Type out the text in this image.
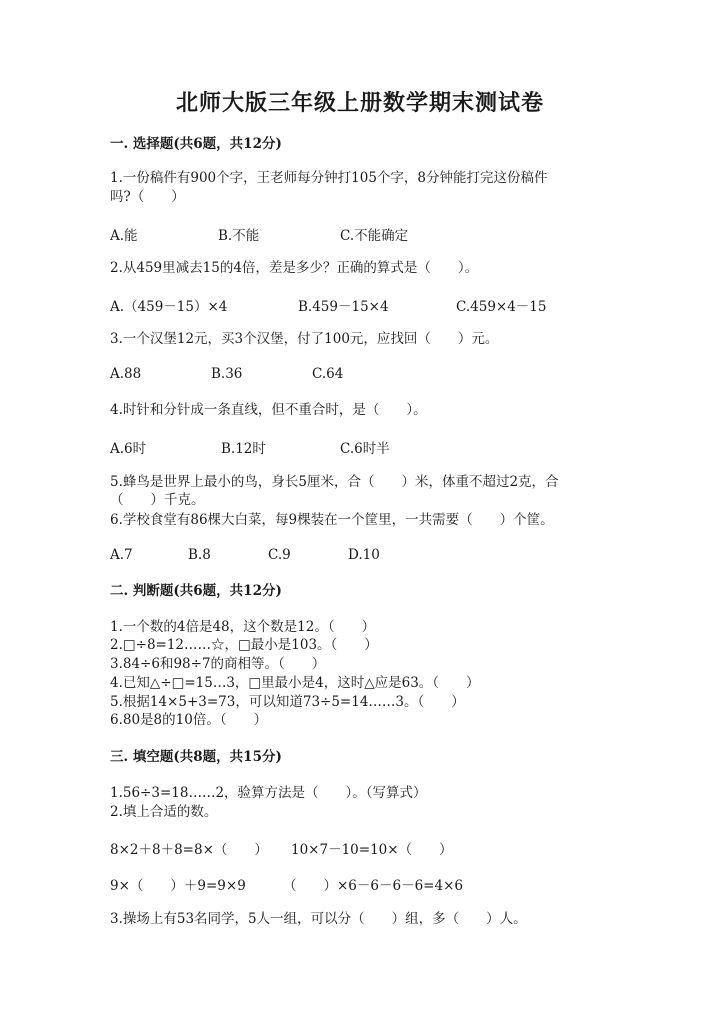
北师大版三年级上册数学期末测试卷
一. 选择题(共6题，共12分)
1.一份稿件有900个字，王老师每分钟打105个字，8分钟能打完这份稿件
吗?（　　）
A.能	B.不能	C.不能确定
2.从459里减去15的4倍，差是多少？正确的算式是（　　）。
A.（459－15）×4	B.459－15×4	C.459×4－15
3.一个汉堡12元，买3个汉堡，付了100元，应找回（　　）元。
A.88	B.36	C.64
4.时针和分针成一条直线，但不重合时，是（　　）。
A.6时	B.12时	C.6时半
5.蜂鸟是世界上最小的鸟，身长5厘米，合（　　）米，体重不超过2克，合
（　　）千克。
6.学校食堂有86棵大白菜，每9棵装在一个筐里，一共需要（　　）个筐。
A.7	B.8	C.9	D.10
二. 判断题(共6题，共12分)
1.一个数的4倍是48，这个数是12。（　　）
2.□÷8=12……☆，□最小是103。（　　）
3.84÷6和98÷7的商相等。（　　）
4.已知△÷□=15…3，□里最小是4，这时△应是63。（　　）
5.根据14×5+3=73，可以知道73÷5=14……3。（　　）
6.80是8的10倍。（　　）
三. 填空题(共8题，共15分)
1.56÷3=18……2，验算方法是（　　）。（写算式）
2.填上合适的数。
8×2＋8＋8=8×（　　） 10×7－10=10×（　　）
9×（　　）＋9=9×9	（　　）×6－6－6－6=4×6
3.操场上有53名同学，5人一组，可以分（　　）组，多（　　）人。
